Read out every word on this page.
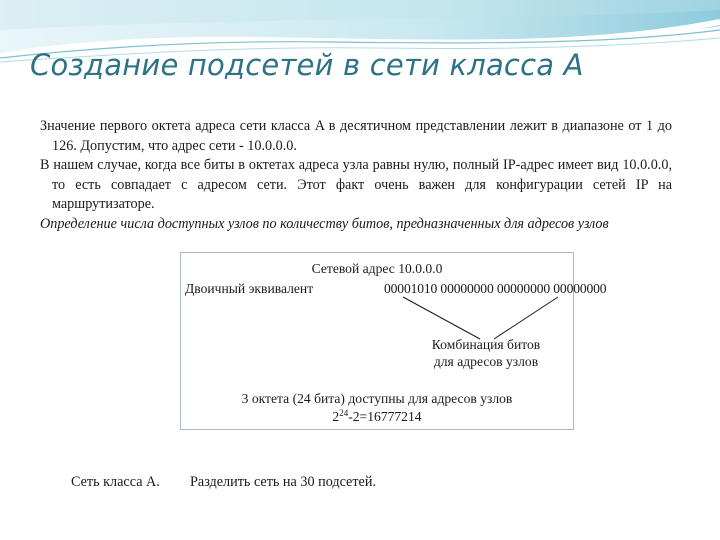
Создание подсетей в сети класса A

Значение первого октета адреса сети класса A в десятичном представлении лежит в диапазоне от 1 до 126. Допустим, что адрес сети - 10.0.0.0.

В нашем случае, когда все биты в октетах адреса узла равны нулю, полный IP-адрес имеет вид 10.0.0.0, то есть совпадает с адресом сети. Этот факт очень важен для конфигурации сетей IP на маршрутизаторе.

Определение числа доступных узлов по количеству битов, предназначенных для адресов узлов

Сетевой адрес 10.0.0.0
Двоичный эквивалент	00001010 00000000 00000000 00000000
Комбинация битов
для адресов узлов
3 октета (24 бита) доступны для адресов узлов
$2^{24}-2=16777214$
Сеть класса A. Разделить сеть на 30 подсетей.
